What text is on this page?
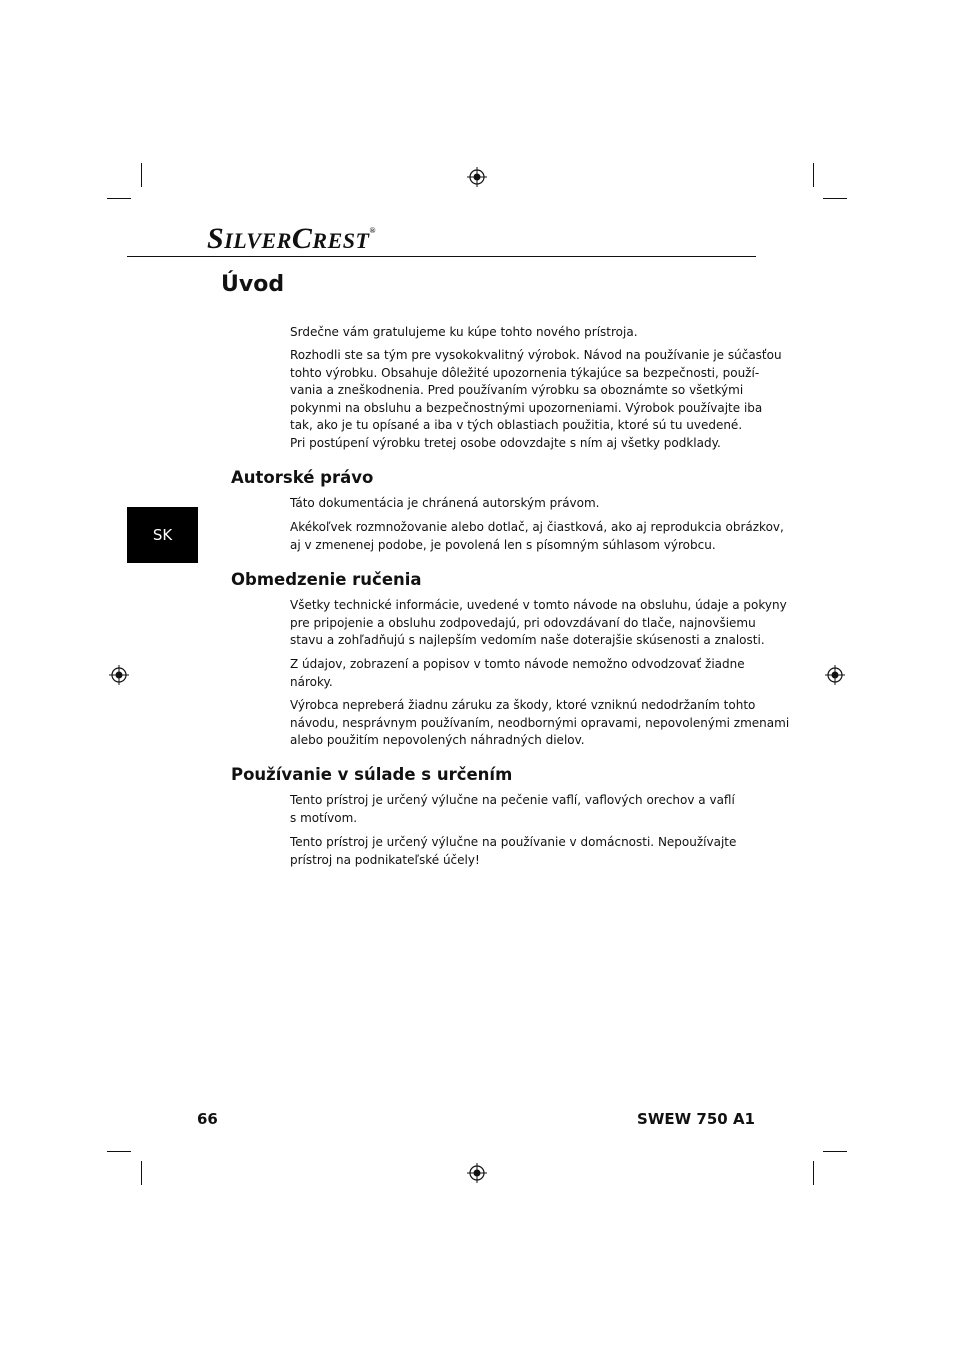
SILVERCREST®
SK
Úvod
Srdečne vám gratulujeme ku kúpe tohto nového prístroja.
Rozhodli ste sa tým pre vysokokvalitný výrobok. Návod na používanie je súčasťou
tohto výrobku. Obsahuje dôležité upozornenia týkajúce sa bezpečnosti, použí-
vania a zneškodnenia. Pred používaním výrobku sa oboznámte so všetkými
pokynmi na obsluhu a bezpečnostnými upozorneniami. Výrobok používajte iba
tak, ako je tu opísané a iba v tých oblastiach použitia, ktoré sú tu uvedené.
Pri postúpení výrobku tretej osobe odovzdajte s ním aj všetky podklady.
Autorské právo
Táto dokumentácia je chránená autorským právom.
Akékoľvek rozmnožovanie alebo dotlač, aj čiastková, ako aj reprodukcia obrázkov,
aj v zmenenej podobe, je povolená len s písomným súhlasom výrobcu.
Obmedzenie ručenia
Všetky technické informácie, uvedené v tomto návode na obsluhu, údaje a pokyny
pre pripojenie a obsluhu zodpovedajú, pri odovzdávaní do tlače, najnovšiemu
stavu a zohľadňujú s najlepším vedomím naše doterajšie skúsenosti a znalosti.
Z údajov, zobrazení a popisov v tomto návode nemožno odvodzovať žiadne
nároky.
Výrobca nepreberá žiadnu záruku za škody, ktoré vzniknú nedodržaním tohto
návodu, nesprávnym používaním, neodbornými opravami, nepovolenými zmenami
alebo použitím nepovolených náhradných dielov.
Používanie v súlade s určením
Tento prístroj je určený výlučne na pečenie vaflí, vaflových orechov a vaflí
s motívom.
Tento prístroj je určený výlučne na používanie v domácnosti. Nepoužívajte
prístroj na podnikateľské účely!
66	SWEW 750 A1
